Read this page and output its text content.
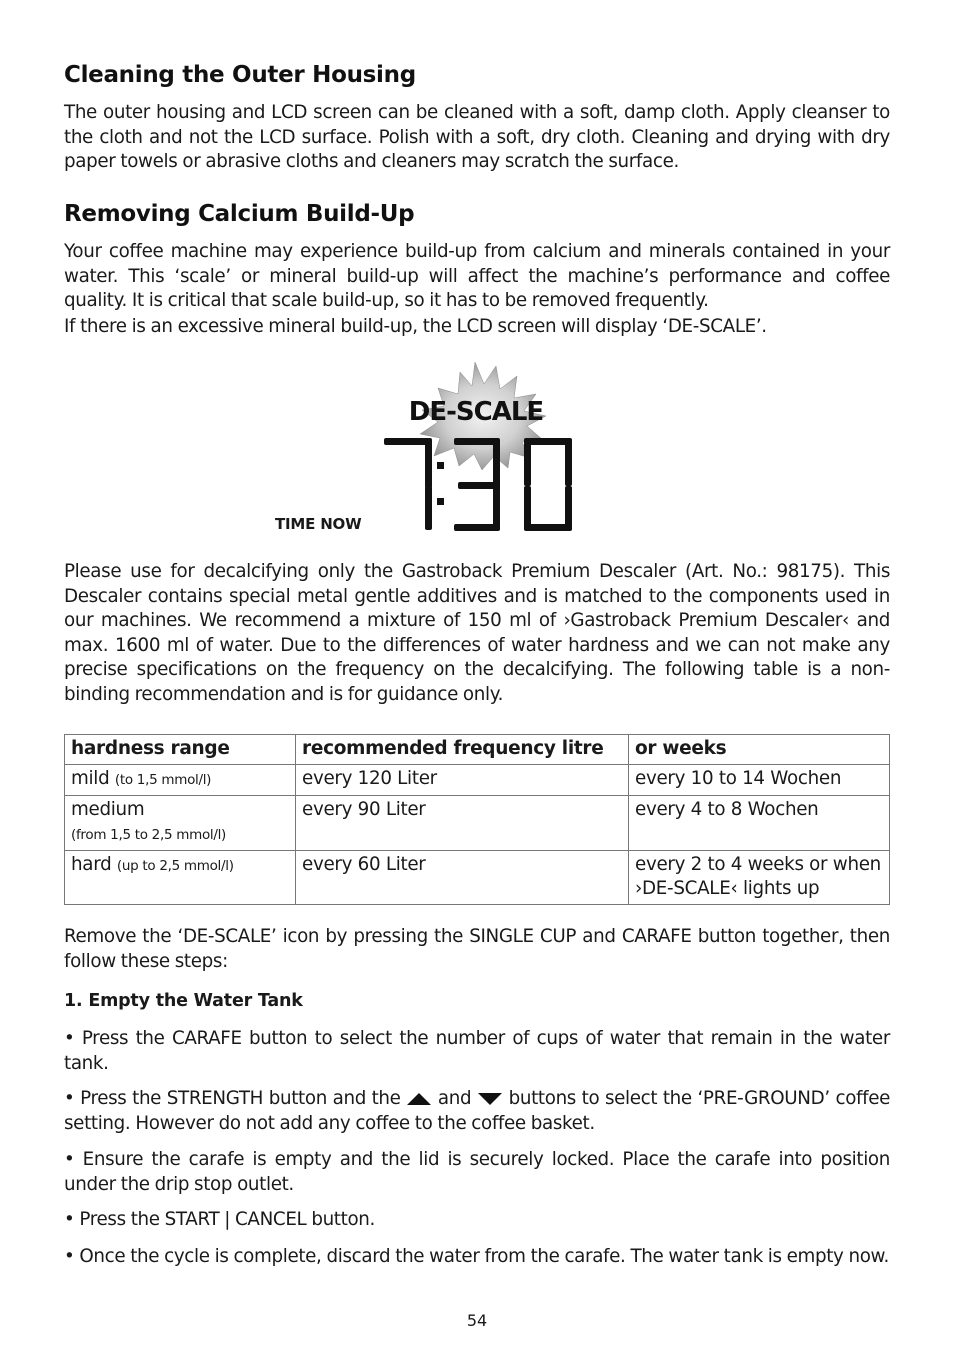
Cleaning the Outer Housing

The outer housing and LCD screen can be cleaned with a soft, damp cloth. Apply cleanser to the cloth and not the LCD surface. Polish with a soft, dry cloth. Cleaning and drying with dry paper towels or abrasive cloths and cleaners may scratch the surface.

Removing Calcium Build-Up

Your coffee machine may experience build-up from calcium and minerals contained in your water. This ‘scale’ or mineral build-up will affect the machine’s performance and coffee quality. It is critical that scale build-up, so it has to be removed frequently.

If there is an excessive mineral build-up, the LCD screen will display ‘DE-SCALE’.

DE-SCALE
TIME NOW

Please use for decalcifying only the Gastroback Premium Descaler (Art. No.: 98175). This Descaler contains special metal gentle additives and is matched to the components used in our machines. We recommend a mixture of 150 ml of ›Gastroback Premium Descaler‹ and max. 1600 ml of water. Due to the differences of water hardness and we can not make any precise specifications on the frequency on the decalcifying. The following table is a non-binding recommendation and is for guidance only.

hardness range	recommended frequency litre	or weeks
mild (to 1,5 mmol/l)	every 120 Liter	every 10 to 14 Wochen
medium
(from 1,5 to 2,5 mmol/l)	every 90 Liter	every 4 to 8 Wochen
hard (up to 2,5 mmol/l)	every 60 Liter	every 2 to 4 weeks or when ›DE-SCALE‹ lights up

Remove the ‘DE-SCALE’ icon by pressing the SINGLE CUP and CARAFE button together, then follow these steps:

1. Empty the Water Tank

• Press the CARAFE button to select the number of cups of water that remain in the water tank.

• Press the STRENGTH button and the and buttons to select the ‘PRE-GROUND’ coffee setting. However do not add any coffee to the coffee basket.

• Ensure the carafe is empty and the lid is securely locked. Place the carafe into position under the drip stop outlet.

• Press the START | CANCEL button.

• Once the cycle is complete, discard the water from the carafe. The water tank is empty now.

54
